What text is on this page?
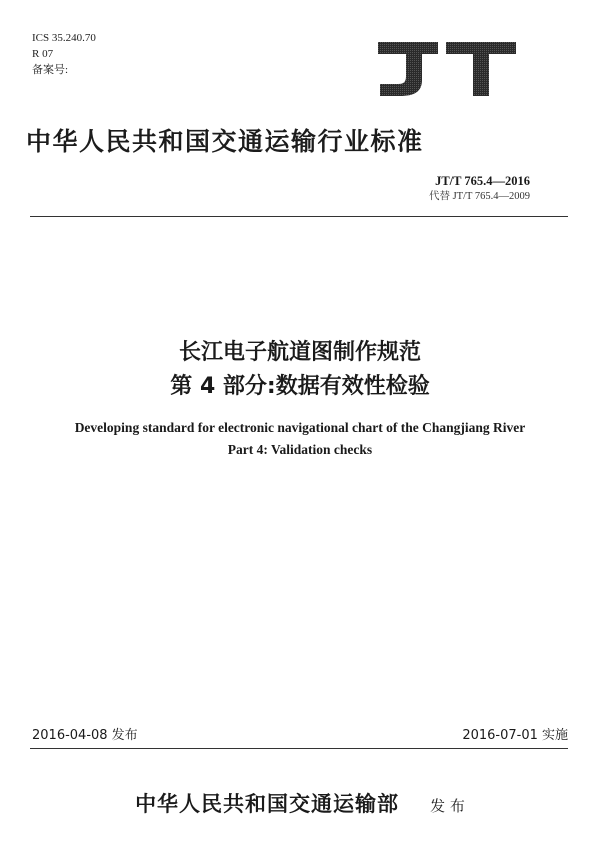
ICS 35.240.70
R 07
备案号:
中华人民共和国交通运输行业标准
JT/T 765.4—2016
代替 JT/T 765.4—2009
长江电子航道图制作规范
第 4 部分:数据有效性检验
Developing standard for electronic navigational chart of the Changjiang River
Part 4: Validation checks
2016-04-08 发布	2016-07-01 实施
中华人民共和国交通运输部 发 布
